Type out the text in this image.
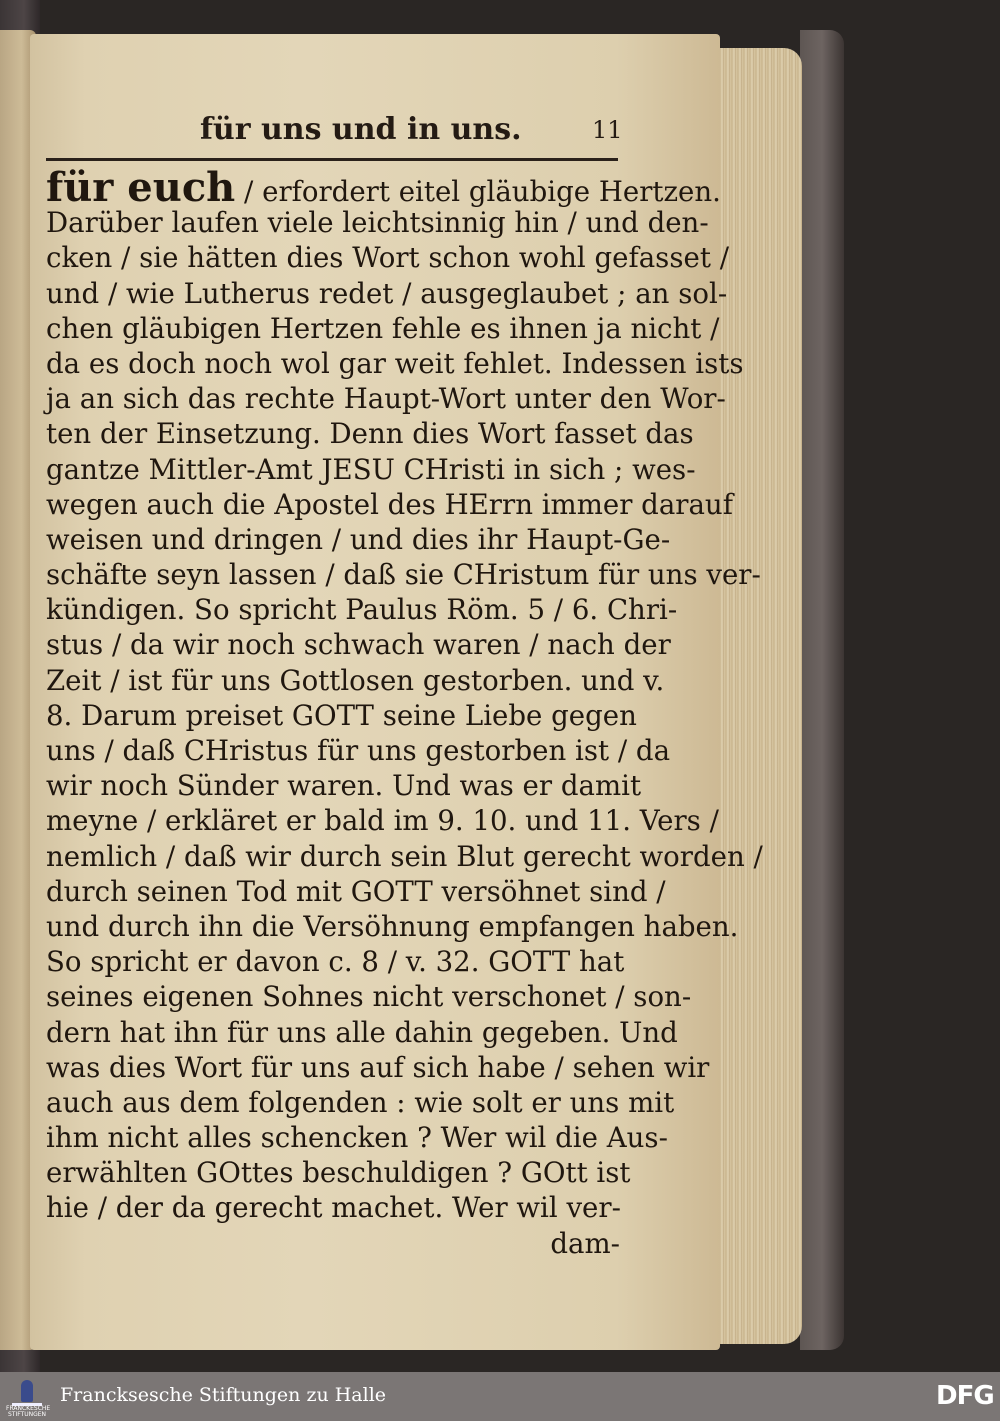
für uns und in uns.	11
für euch / erfordert eitel gläubige Hertzen.
Darüber laufen viele leichtsinnig hin / und den-
cken / sie hätten dies Wort schon wohl gefasset /
und / wie Lutherus redet / ausgeglaubet ; an sol-
chen gläubigen Hertzen fehle es ihnen ja nicht /
da es doch noch wol gar weit fehlet. Indessen ists
ja an sich das rechte Haupt-Wort unter den Wor-
ten der Einsetzung. Denn dies Wort fasset das
gantze Mittler-Amt JESU CHristi in sich ; wes-
wegen auch die Apostel des HErrn immer darauf
weisen und dringen / und dies ihr Haupt-Ge-
schäfte seyn lassen / daß sie CHristum für uns ver-
kündigen. So spricht Paulus Röm. 5 / 6. Chri-
stus / da wir noch schwach waren / nach der
Zeit / ist für uns Gottlosen gestorben. und v.
8. Darum preiset GOTT seine Liebe gegen
uns / daß CHristus für uns gestorben ist / da
wir noch Sünder waren. Und was er damit
meyne / erkläret er bald im 9. 10. und 11. Vers /
nemlich / daß wir durch sein Blut gerecht worden /
durch seinen Tod mit GOTT versöhnet sind /
und durch ihn die Versöhnung empfangen haben.
So spricht er davon c. 8 / v. 32. GOTT hat
seines eigenen Sohnes nicht verschonet / son-
dern hat ihn für uns alle dahin gegeben. Und
was dies Wort für uns auf sich habe / sehen wir
auch aus dem folgenden : wie solt er uns mit
ihm nicht alles schencken ? Wer wil die Aus-
erwählten GOttes beschuldigen ? GOtt ist
hie / der da gerecht machet. Wer wil ver-
dam-
FRANCKESCHE STIFTUNGEN
Francksesche Stiftungen zu Halle	DFG
